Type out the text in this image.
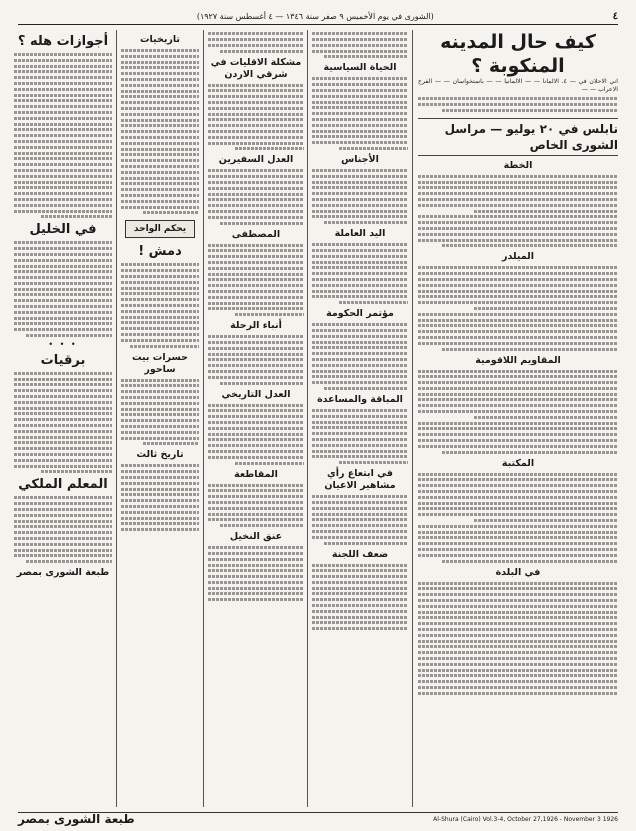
(الشورى في يوم الأخميس ٩ صفر سنة ١٣٤٦ — ٤ أغسطس سنة ١٩٢٧)	٤
كيف حال المدينه المنكوبة ؟
اني الاحلان في — ٤. الالمانا — — الالمانيا — — باستخواسان — — الفرح الاعراب — —
نابلس في ٢٠ يوليو — مراسل الشورى الخاص
الخطة
الميلدر
المقاويم اللاقومية
المكتبة
في البلدة
الحياة السياسية
الأجناس
اليد العاملة
مؤتمر الحكومة
المباقة والمساعدة
في ابتعاع رأي مشاهير الاعيان
ضعف اللجنة
مشكلة الاقليات في شرقي الاردن
العدل السفيرين
المصطفى
أنباء الرحلة
العدل التاريخي
المقاطعة
عنق النخيل
تاريخيات
يحكم الواحد
دمش !
حسرات بيت ساحور
تاريخ ثالث
أجوازات هله ؟
في الخليل
• • •
برقيات
المعلم الملكي
طبعة الشورى بمصر
طبعة الشورى بمصر	Al-Shura (Cairo) Vol.3-4, October 27,1926 - November 3 1926
